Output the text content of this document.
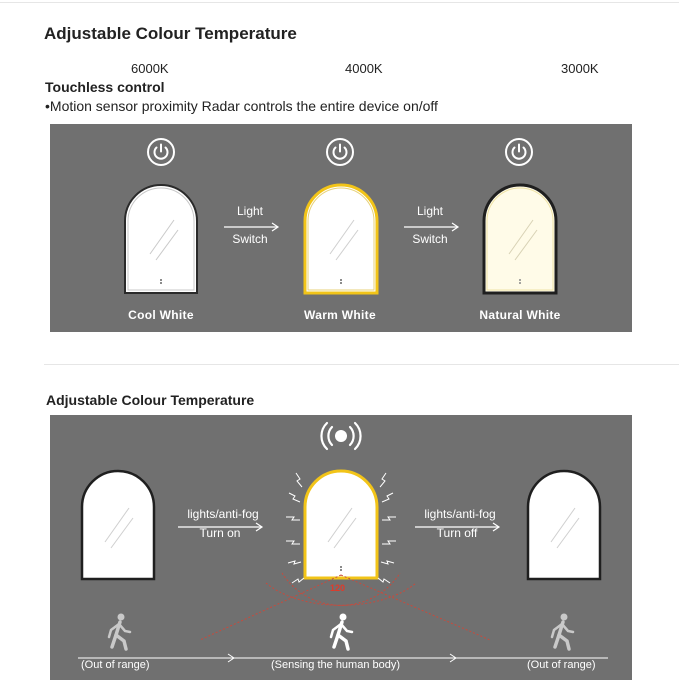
Adjustable Colour Temperature
6000K	4000K	3000K
Touchless control
•Motion sensor proximity Radar controls the entire device on/off
Light
Switch
Light
Switch
Cool White	Warm White	Natural White
Adjustable Colour Temperature
lights/anti-fog
Turn on
lights/anti-fog
Turn off
120
(Out of range)	(Sensing the human body)	(Out of range)
